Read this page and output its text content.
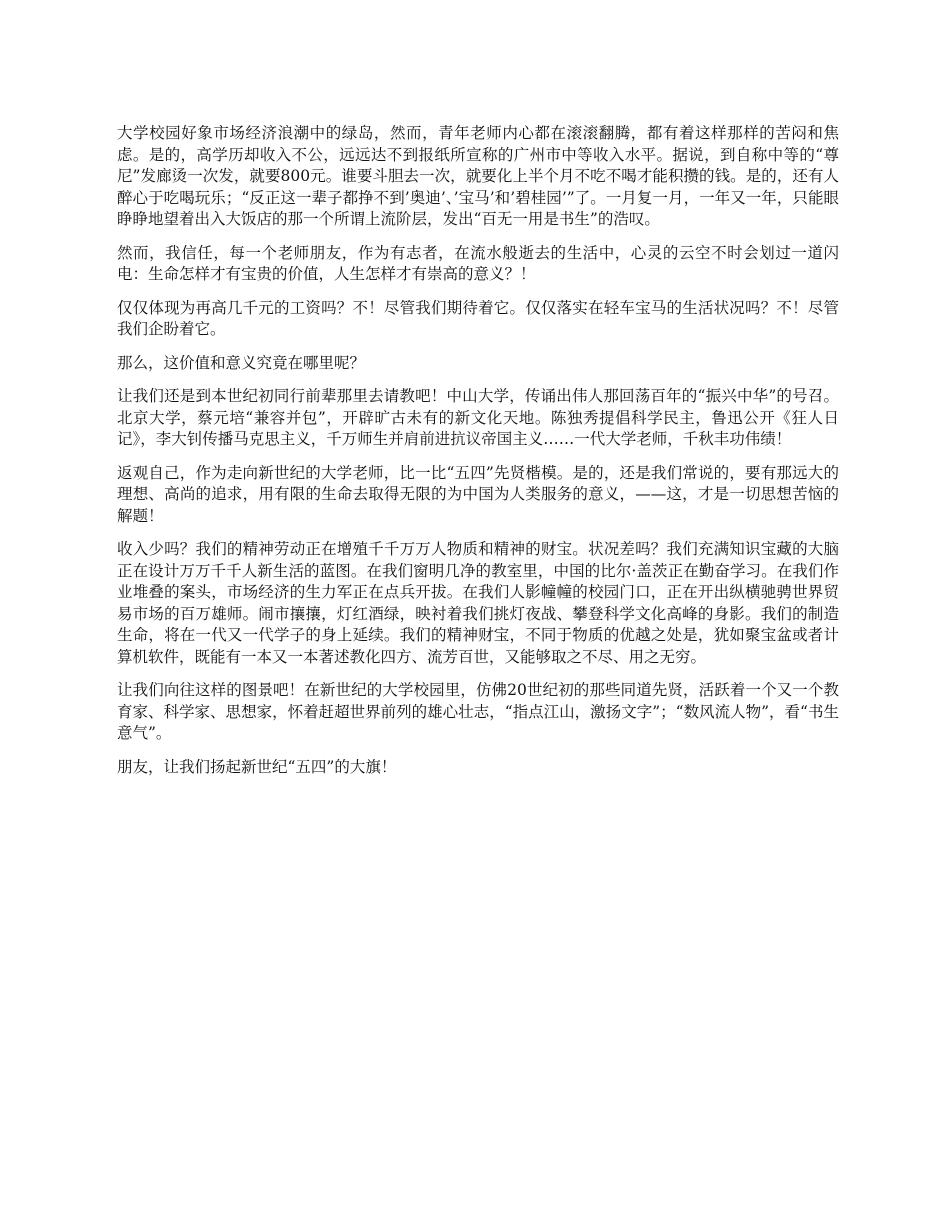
大学校园好象市场经济浪潮中的绿岛，然而，青年老师内心都在滚滚翻腾，都有着这样那样的苦闷和焦虑。是的，高学历却收入不公，远远达不到报纸所宣称的广州市中等收入水平。据说，到自称中等的“尊尼”发廊烫一次发，就要800元。谁要斗胆去一次，就要化上半个月不吃不喝才能积攒的钱。是的，还有人醉心于吃喝玩乐；“反正这一辈子都挣不到’奥迪’、’宝马’和’碧桂园’”了。一月复一月，一年又一年，只能眼睁睁地望着出入大饭店的那一个所谓上流阶层，发出“百无一用是书生”的浩叹。

然而，我信任，每一个老师朋友，作为有志者，在流水般逝去的生活中，心灵的云空不时会划过一道闪电：生命怎样才有宝贵的价值，人生怎样才有崇高的意义？！

仅仅体现为再高几千元的工资吗？不！尽管我们期待着它。仅仅落实在轻车宝马的生活状况吗？不！尽管我们企盼着它。

那么，这价值和意义究竟在哪里呢？

让我们还是到本世纪初同行前辈那里去请教吧！中山大学，传诵出伟人那回荡百年的“振兴中华”的号召。北京大学，蔡元培“兼容并包”，开辟旷古未有的新文化天地。陈独秀提倡科学民主，鲁迅公开《狂人日记》，李大钊传播马克思主义，千万师生并肩前进抗议帝国主义……一代大学老师，千秋丰功伟绩！

返观自己，作为走向新世纪的大学老师，比一比“五四”先贤楷模。是的，还是我们常说的，要有那远大的理想、高尚的追求，用有限的生命去取得无限的为中国为人类服务的意义，——这，才是一切思想苦恼的解题！

收入少吗？我们的精神劳动正在增殖千千万万人物质和精神的财宝。状况差吗？我们充满知识宝藏的大脑正在设计万万千千人新生活的蓝图。在我们窗明几净的教室里，中国的比尔·盖茨正在勤奋学习。在我们作业堆叠的案头，市场经济的生力军正在点兵开拔。在我们人影幢幢的校园门口，正在开出纵横驰骋世界贸易市场的百万雄师。闹市攘攘，灯红酒绿，映衬着我们挑灯夜战、攀登科学文化高峰的身影。我们的制造生命，将在一代又一代学子的身上延续。我们的精神财宝，不同于物质的优越之处是，犹如聚宝盆或者计算机软件，既能有一本又一本著述教化四方、流芳百世，又能够取之不尽、用之无穷。

让我们向往这样的图景吧！在新世纪的大学校园里，仿佛20世纪初的那些同道先贤，活跃着一个又一个教育家、科学家、思想家，怀着赶超世界前列的雄心壮志，“指点江山，激扬文字”；“数风流人物”，看“书生意气”。

朋友，让我们扬起新世纪“五四”的大旗！
